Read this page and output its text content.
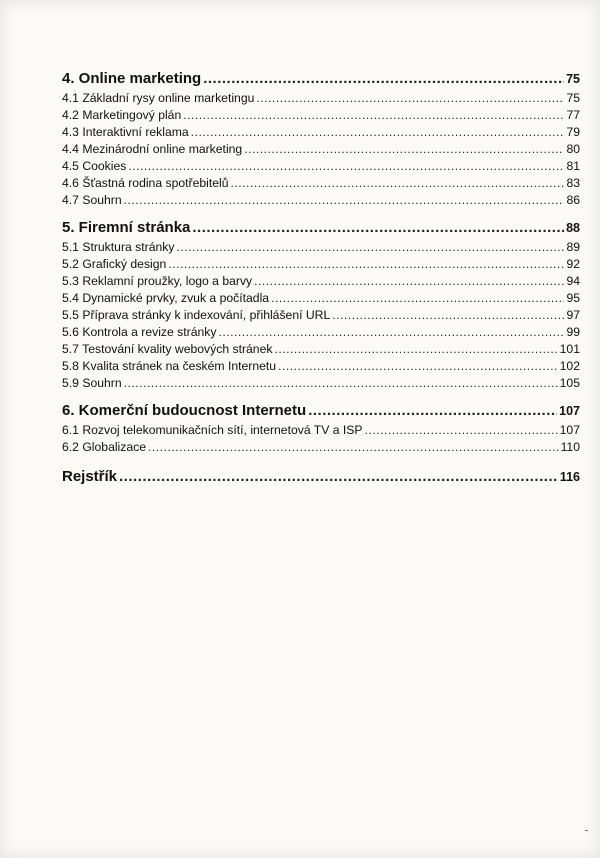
4. Online marketing .....	75
4.1 Základní rysy online marketingu .....	75
4.2 Marketingový plán .....	77
4.3 Interaktivní reklama .....	79
4.4 Mezinárodní online marketing .....	80
4.5 Cookies .....	81
4.6 Šťastná rodina spotřebitelů .....	83
4.7 Souhrn .....	86
5. Firemní stránka .....	88
5.1 Struktura stránky .....	89
5.2 Grafický design .....	92
5.3 Reklamní proužky, logo a barvy .....	94
5.4 Dynamické prvky, zvuk a počítadla .....	95
5.5 Příprava stránky k indexování, přihlášení URL .....	97
5.6 Kontrola a revize stránky .....	99
5.7 Testování kvality webových stránek .....	101
5.8 Kvalita stránek na českém Internetu .....	102
5.9 Souhrn .....	105
6. Komerční budoucnost Internetu .....	107
6.1 Rozvoj telekomunikačních sítí, internetová TV a ISP .....	107
6.2 Globalizace .....	110
Rejstřík .....	116
